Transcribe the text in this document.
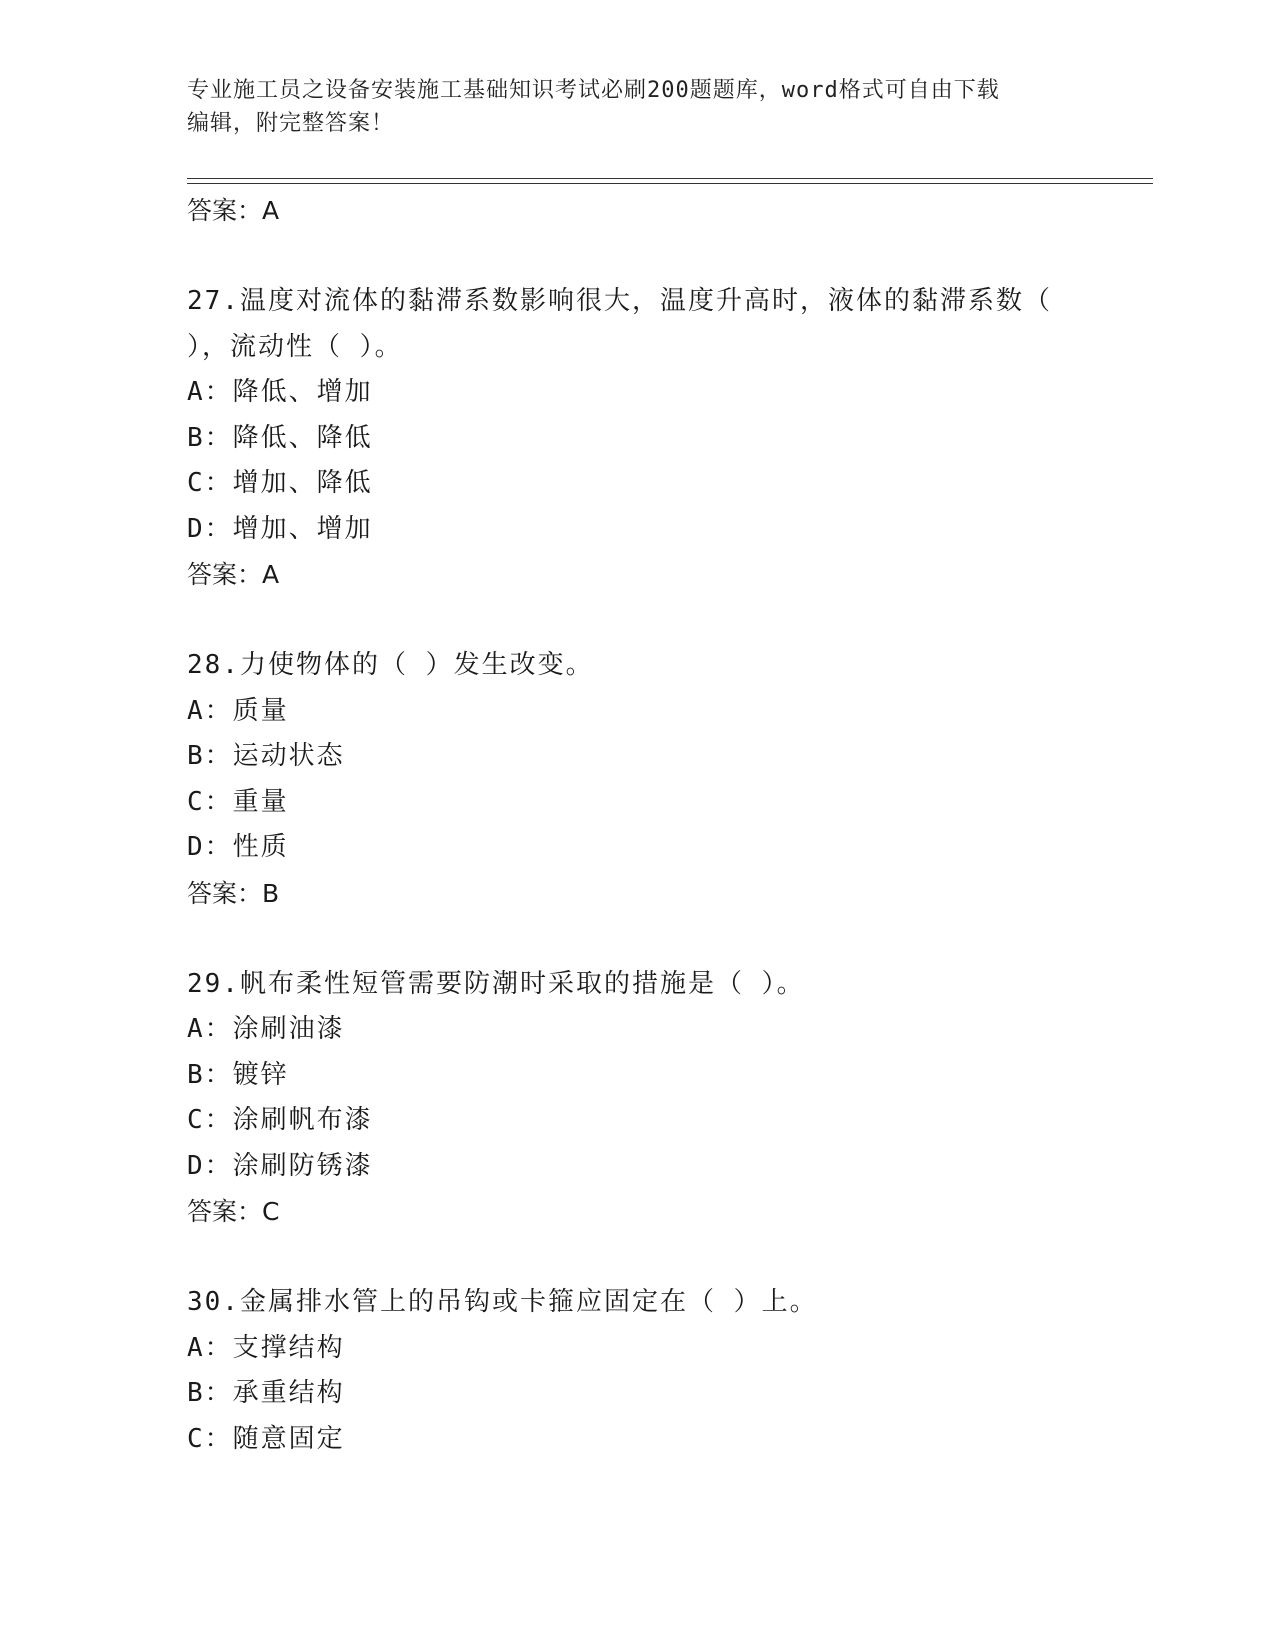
专业施工员之设备安装施工基础知识考试必刷200题题库，word格式可自由下载
编辑，附完整答案！
答案：A
27.温度对流体的黏滞系数影响很大，温度升高时，液体的黏滞系数（
），流动性（ ）。
A：降低、增加
B：降低、降低
C：增加、降低
D：增加、增加
答案：A
28.力使物体的（ ）发生改变。
A：质量
B：运动状态
C：重量
D：性质
答案：B
29.帆布柔性短管需要防潮时采取的措施是（ ）。
A：涂刷油漆
B：镀锌
C：涂刷帆布漆
D：涂刷防锈漆
答案：C
30.金属排水管上的吊钩或卡箍应固定在（ ）上。
A：支撑结构
B：承重结构
C：随意固定
